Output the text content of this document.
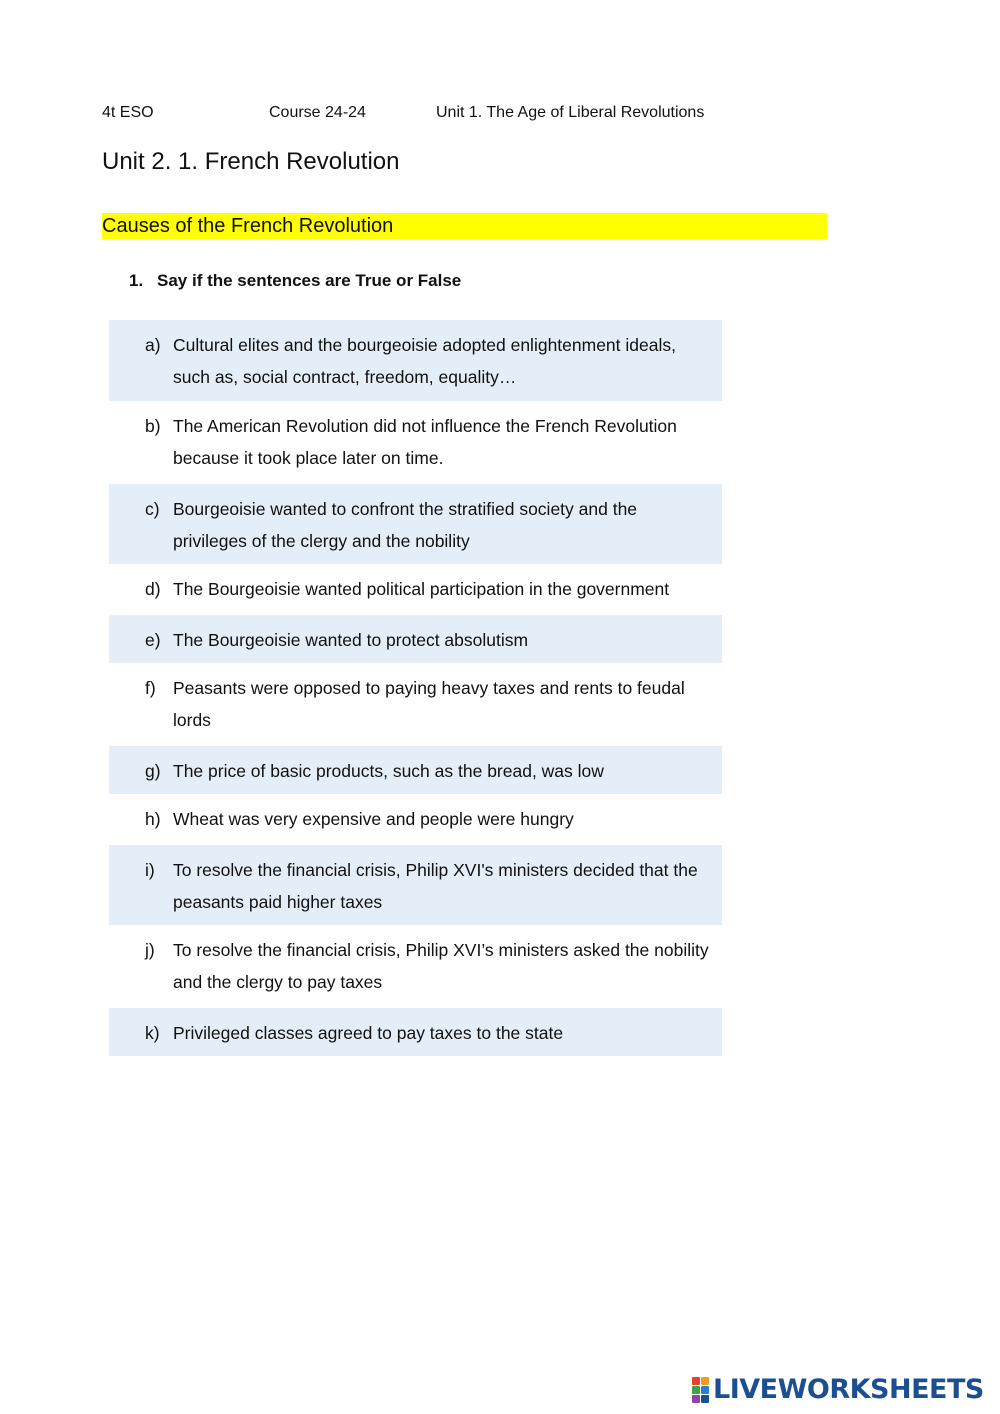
4t ESO	Course 24-24	Unit 1. The Age of Liberal Revolutions
Unit 2. 1. French Revolution
Causes of the French Revolution
1. Say if the sentences are True or False
a) Cultural elites and the bourgeoisie adopted enlightenment ideals, such as, social contract, freedom, equality…
b) The American Revolution did not influence the French Revolution because it took place later on time.
c) Bourgeoisie wanted to confront the stratified society and the privileges of the clergy and the nobility
d) The Bourgeoisie wanted political participation in the government
e) The Bourgeoisie wanted to protect absolutism
f) Peasants were opposed to paying heavy taxes and rents to feudal lords
g) The price of basic products, such as the bread, was low
h) Wheat was very expensive and people were hungry
i)	To resolve the financial crisis, Philip XVI's ministers decided that the peasants paid higher taxes
j)	To resolve the financial crisis, Philip XVI’s ministers asked the nobility and the clergy to pay taxes
k) Privileged classes agreed to pay taxes to the state
LIVEWORKSHEETS
